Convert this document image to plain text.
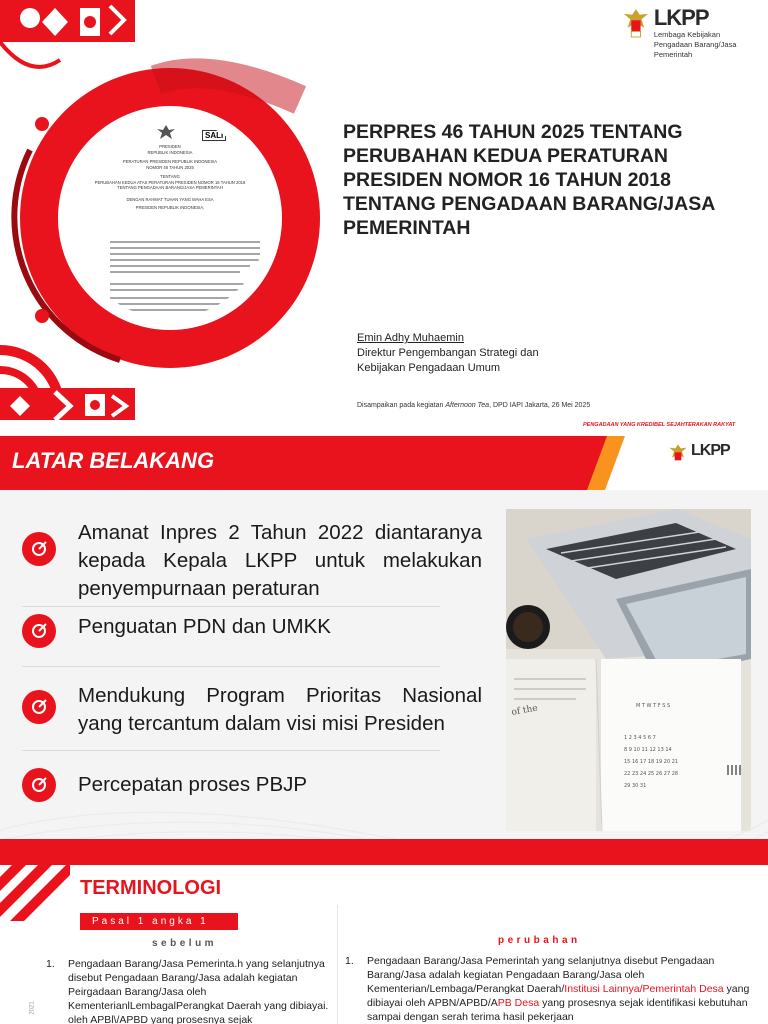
SALI

PRESIDEN

REPUBLIK INDONESIA

PERATURAN PRESIDEN REPUBLIK INDONESIA

NOMOR 46 TAHUN 2025

TENTANG

PERUBAHAN KEDUA ATAS PERATURAN PRESIDEN NOMOR 16 TAHUN 2018

TENTANG PENGADAAN BARANG/JASA PEMERINTAH

DENGAN RAHMAT TUHAN YANG MAHA ESA

PRESIDEN REPUBLIK INDONESIA,

LKPP
Lembaga Kebijakan
Pengadaan Barang/Jasa Pemerintah
PERPRES 46 TAHUN 2025 TENTANG PERUBAHAN KEDUA PERATURAN PRESIDEN NOMOR 16 TAHUN 2018 TENTANG PENGADAAN BARANG/JASA PEMERINTAH
Emin Adhy Muhaemin
Direktur Pengembangan Strategi dan
Kebijakan Pengadaan Umum
Disampaikan pada kegiatan Afternoon Tea, DPD IAPI Jakarta, 26 Mei 2025
PENGADAAN YANG KREDIBEL SEJAHTERAKAN RAKYAT
LATAR BELAKANG	LKPP
Amanat Inpres 2 Tahun 2022 diantaranya kepada Kepala LKPP untuk melakukan penyempurnaan peraturan
Penguatan PDN dan UMKK
Mendukung Program Prioritas Nasional yang tercantum dalam visi misi Presiden
Percepatan proses PBJP
of the	M T W T F S S
1 2 3 4 5 6 7
8 9 10 11 12 13 14
15 16 17 18 19 20 21
22 23 24 25 26 27 28
29 30 31
TERMINOLOGI
Pasal 1 angka 1
sebelum	perubahan
2021
1. Pengadaan Barang/Jasa Pemerinta.h yang selanjutnya disebut Pengadaan Barang/Jasa adalah kegiatan Peirgadaan Barang/Jasa oleh KementerianlLembagalPerangkat Daerah yang dibiayai. oleh APBl\/APBD yang prosesnya sejak
1. Pengadaan Barang/Jasa Pemerintah yang selanjutnya disebut Pengadaan Barang/Jasa adalah kegiatan Pengadaan Barang/Jasa oleh Kementerian/Lembaga/Perangkat Daerah/Institusi Lainnya/Pemerintah Desa yang dibiayai oleh APBN/APBD/APB Desa yang prosesnya sejak identifikasi kebutuhan sampai dengan serah terima hasil pekerjaan
